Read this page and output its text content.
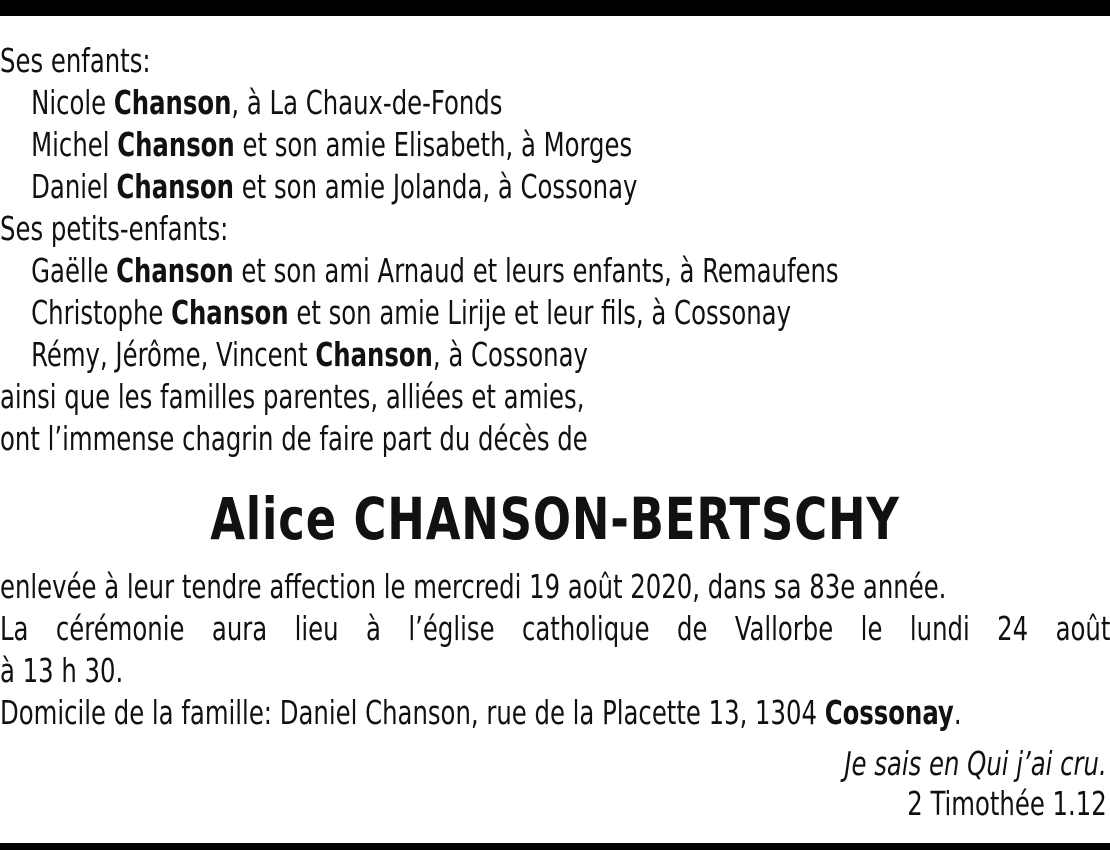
Ses enfants:
Nicole Chanson, à La Chaux-de-Fonds
Michel Chanson et son amie Elisabeth, à Morges
Daniel Chanson et son amie Jolanda, à Cossonay
Ses petits-enfants:
Gaëlle Chanson et son ami Arnaud et leurs enfants, à Remaufens
Christophe Chanson et son amie Lirije et leur fils, à Cossonay
Rémy, Jérôme, Vincent Chanson, à Cossonay
ainsi que les familles parentes, alliées et amies,
ont l’immense chagrin de faire part du décès de
Alice CHANSON-BERTSCHY
enlevée à leur tendre affection le mercredi 19 août 2020, dans sa 83e année.
La cérémonie aura lieu à l’église catholique de Vallorbe le lundi 24 août
à 13 h 30.
Domicile de la famille: Daniel Chanson, rue de la Placette 13, 1304 Cossonay.
Je sais en Qui j’ai cru.
2 Timothée 1.12
